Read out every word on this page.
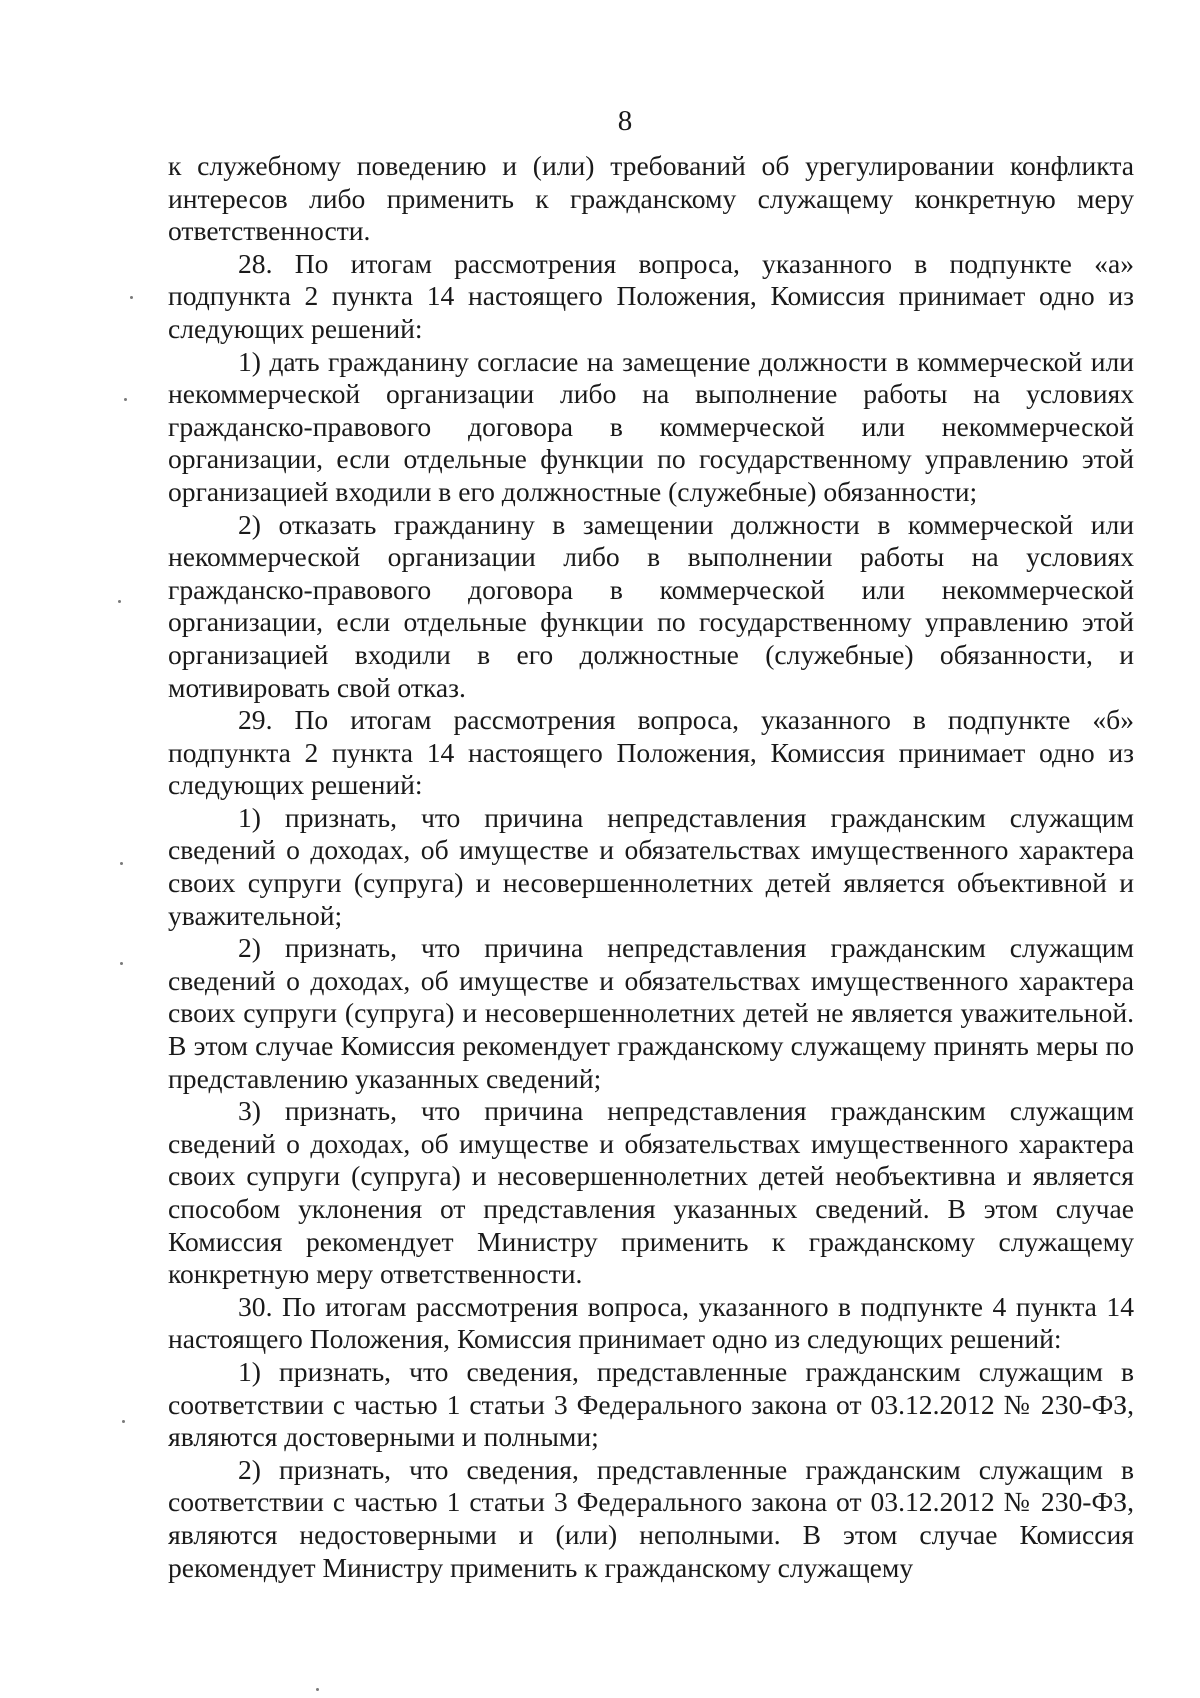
8

к служебному поведению и (или) требований об урегулировании конфликта интересов либо применить к гражданскому служащему конкретную меру ответственности.

28. По итогам рассмотрения вопроса, указанного в подпункте «а» подпункта 2 пункта 14 настоящего Положения, Комиссия принимает одно из следующих решений:

1) дать гражданину согласие на замещение должности в коммерческой или некоммерческой организации либо на выполнение работы на условиях гражданско-правового договора в коммерческой или некоммерческой организации, если отдельные функции по государственному управлению этой организацией входили в его должностные (служебные) обязанности;

2) отказать гражданину в замещении должности в коммерческой или некоммерческой организации либо в выполнении работы на условиях гражданско-правового договора в коммерческой или некоммерческой организации, если отдельные функции по государственному управлению этой организацией входили в его должностные (служебные) обязанности, и мотивировать свой отказ.

29. По итогам рассмотрения вопроса, указанного в подпункте «б» подпункта 2 пункта 14 настоящего Положения, Комиссия принимает одно из следующих решений:

1) признать, что причина непредставления гражданским служащим сведений о доходах, об имуществе и обязательствах имущественного характера своих супруги (супруга) и несовершеннолетних детей является объективной и уважительной;

2) признать, что причина непредставления гражданским служащим сведений о доходах, об имуществе и обязательствах имущественного характера своих супруги (супруга) и несовершеннолетних детей не является уважительной. В этом случае Комиссия рекомендует гражданскому служащему принять меры по представлению указанных сведений;

3) признать, что причина непредставления гражданским служащим сведений о доходах, об имуществе и обязательствах имущественного характера своих супруги (супруга) и несовершеннолетних детей необъективна и является способом уклонения от представления указанных сведений. В этом случае Комиссия рекомендует Министру применить к гражданскому служащему конкретную меру ответственности.

30. По итогам рассмотрения вопроса, указанного в подпункте 4 пункта 14 настоящего Положения, Комиссия принимает одно из следующих решений:

1) признать, что сведения, представленные гражданским служащим в соответствии с частью 1 статьи 3 Федерального закона от 03.12.2012 № 230-ФЗ, являются достоверными и полными;

2) признать, что сведения, представленные гражданским служащим в соответствии с частью 1 статьи 3 Федерального закона от 03.12.2012 № 230-ФЗ, являются недостоверными и (или) неполными. В этом случае Комиссия рекомендует Министру применить к гражданскому служащему
